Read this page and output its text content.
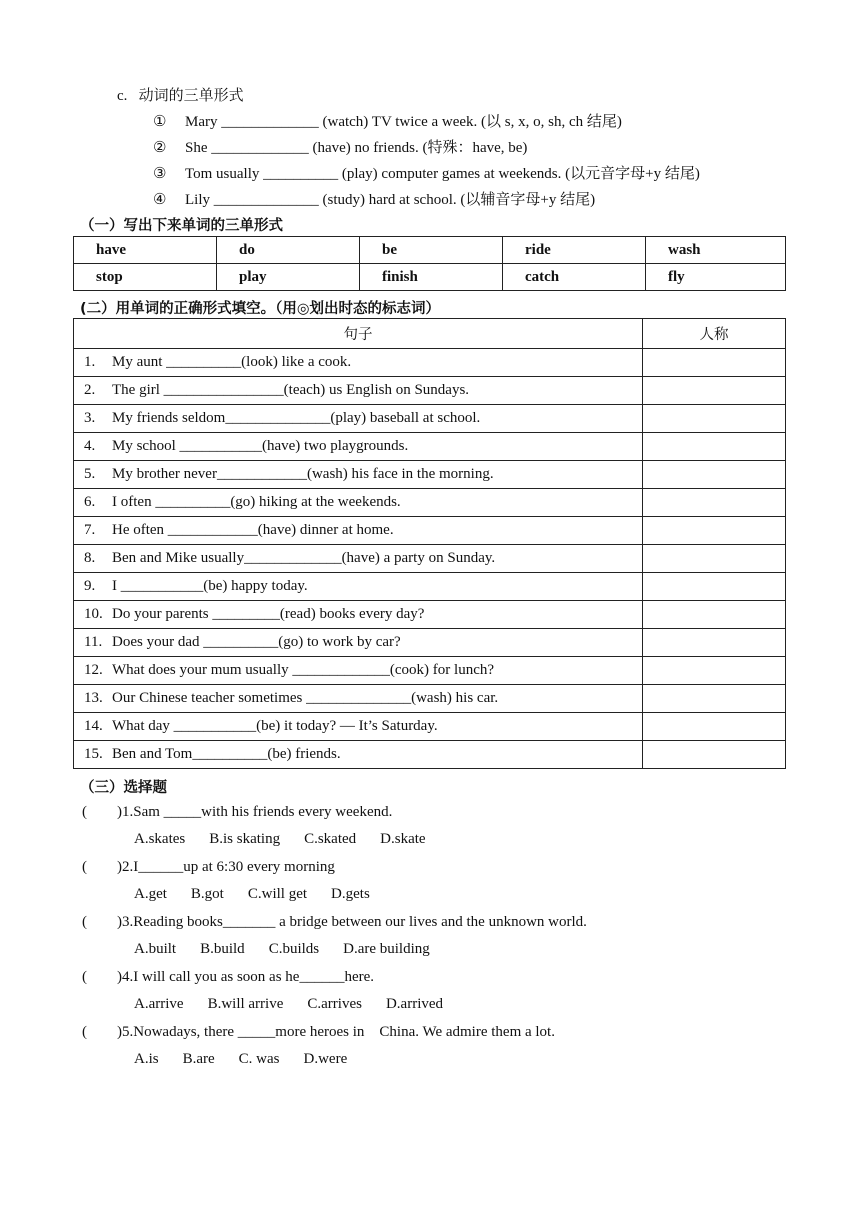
c.   动词的三单形式
① Mary _____________ (watch) TV twice a week. (以 s, x, o, sh, ch 结尾)
② She _____________ (have) no friends. (特殊：have, be)
③ Tom usually __________ (play) computer games at weekends. (以元音字母+y 结尾)
④ Lily ______________ (study) hard at school. (以辅音字母+y 结尾)
（一）写出下来单词的三单形式
have	do	be	ride	wash
stop	play	finish	catch	fly
(二）用单词的正确形式填空。（用◎划出时态的标志词）
句子	人称
1. My aunt __________(look) like a cook.	
2. The girl ________________(teach) us English on Sundays.	
3. My friends seldom______________(play) baseball at school.	
4. My school ___________(have) two playgrounds.	
5. My brother never____________(wash) his face in the morning.	
6. I often __________(go) hiking at the weekends.	
7. He often ____________(have) dinner at home.	
8. Ben and Mike usually_____________(have) a party on Sunday.	
9. I ___________(be) happy today.	
10. Do your parents _________(read) books every day?	
11. Does your dad __________(go) to work by car?	
12. What does your mum usually _____________(cook) for lunch?	
13. Our Chinese teacher sometimes ______________(wash) his car.	
14. What day ___________(be) it today? ― It’s Saturday.	
15. Ben and Tom__________(be) friends.	
（三）选择题
(        )1.Sam _____with his friends every weekend.
A.skates B.is skating C.skated D.skate
(        )2.I______up at 6:30 every morning
A.get B.got C.will get D.gets
(        )3.Reading books_______ a bridge between our lives and the unknown world.
A.built B.build C.builds D.are building
(        )4.I will call you as soon as he______here.
A.arrive B.will arrive C.arrives D.arrived
(        )5.Nowadays, there _____more heroes in    China. We admire them a lot.
A.is B.are C. was D.were
